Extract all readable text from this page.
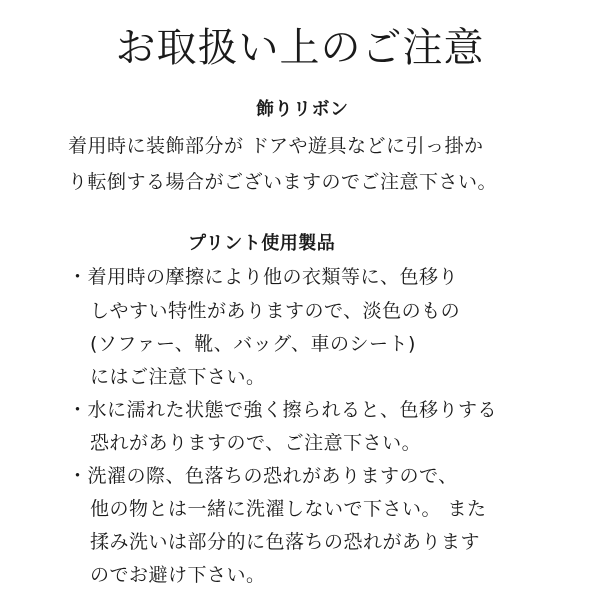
お取扱い上のご注意
飾りリボン
着用時に装飾部分が ドアや遊具などに引っ掛か
り転倒する場合がございますのでご注意下さい。
プリント使用製品
・着用時の摩擦により他の衣類等に、色移り
しやすい特性がありますので、淡色のもの
(ソファー、靴、バッグ、車のシート)
にはご注意下さい。
・水に濡れた状態で強く擦られると、色移りする
恐れがありますので、ご注意下さい。
・洗濯の際、色落ちの恐れがありますので、
他の物とは一緒に洗濯しないで下さい。 また
揉み洗いは部分的に色落ちの恐れがあります
のでお避け下さい。
